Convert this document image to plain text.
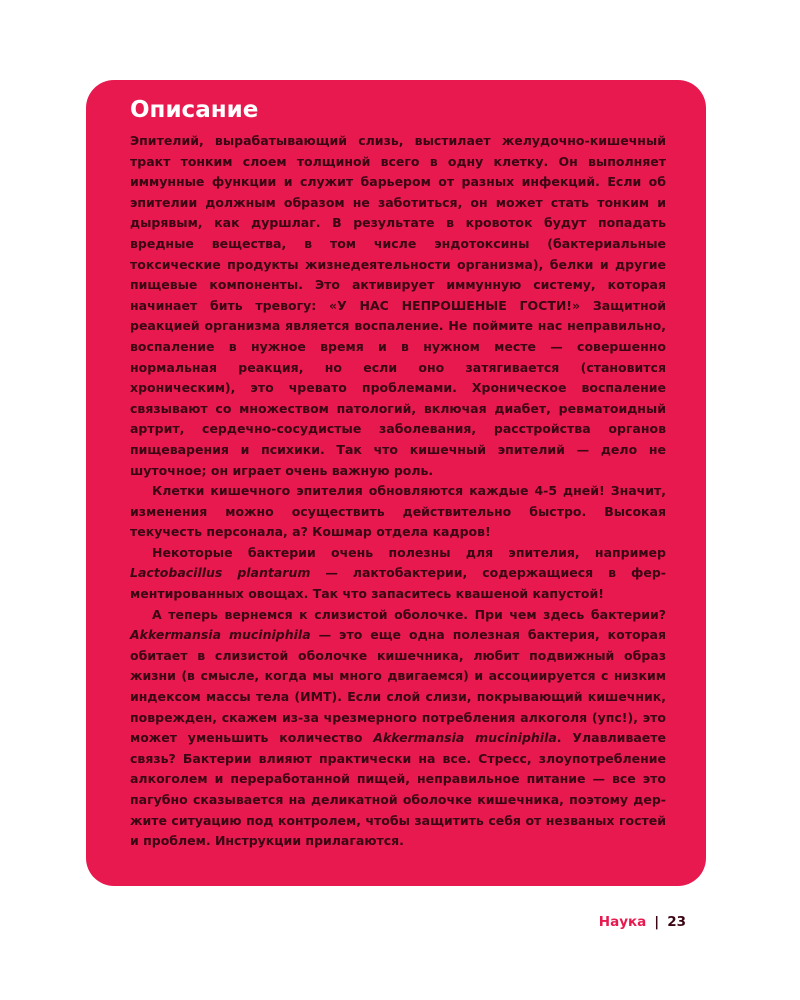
Описание

Эпителий, вырабатывающий слизь, выстилает желудочно-кишечный тракт тонким слоем толщиной всего в одну клетку. Он выполняет иммунные функции и служит барьером от разных инфекций. Если об эпителии должным образом не заботиться, он может стать тонким и дырявым, как дуршлаг. В результате в кровоток будут попадать вредные вещества, в том числе эндотоксины (бактериальные токсические продукты жизнедеятельности организма), белки и другие пищевые компоненты. Это активирует иммунную систему, которая начинает бить тревогу: «У НАС НЕПРОШЕНЫЕ ГОСТИ!» Защитной реакцией организма является воспаление. Не поймите нас неправильно, воспаление в нужное время и в нужном месте — совершенно нормальная реакция, но если оно затягивается (становится хроническим), это чревато проблемами. Хроническое воспаление связывают со множеством патологий, включая диабет, ревматоидный артрит, сердечно-сосудистые заболевания, расстройства органов пищеварения и психики. Так что кишечный эпителий — дело не шуточное; он играет очень важную роль.

Клетки кишечного эпителия обновляются каждые 4-5 дней! Значит, изменения можно осуществить действительно быстро. Высокая текучесть персонала, а? Кошмар отдела кадров!

Некоторые бактерии очень полезны для эпителия, например Lactobacillus plantarum — лактобактерии, содержащиеся в ферментированных овощах. Так что запаситесь квашеной капустой!

А теперь вернемся к слизистой оболочке. При чем здесь бактерии? Akkermansia muciniphila — это еще одна полезная бактерия, которая обитает в слизистой оболочке кишечника, любит подвижный образ жизни (в смысле, когда мы много двигаемся) и ассоциируется с низким индексом массы тела (ИМТ). Если слой слизи, покрывающий кишечник, поврежден, скажем из-за чрезмерного потребления алкоголя (упс!), это может уменьшить количество Akkermansia muciniphila. Улавливаете связь? Бактерии влияют практически на все. Стресс, злоупотребление алкоголем и переработанной пищей, неправильное питание — все это пагубно сказывается на деликатной оболочке кишечника, поэтому держите ситуацию под контролем, чтобы защитить себя от незваных гостей и проблем. Инструкции прилагаются.

Наука | 23
